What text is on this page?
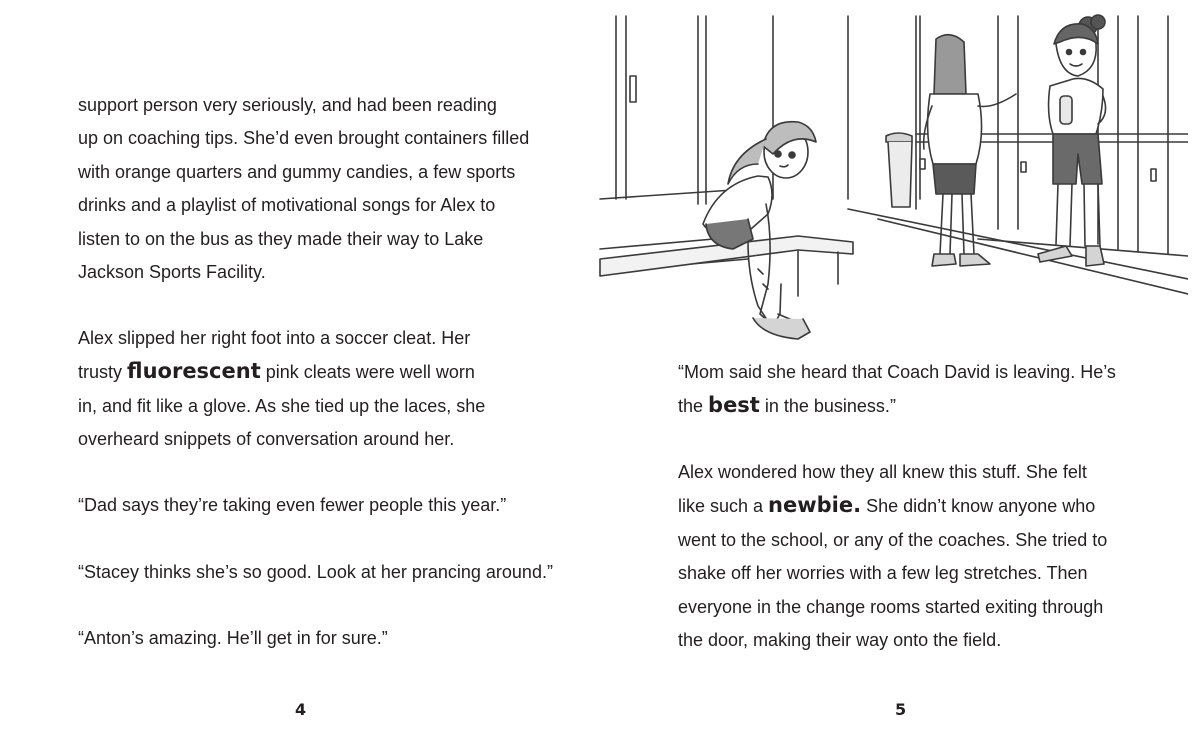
support person very seriously, and had been reading
up on coaching tips. She’d even brought containers filled
with orange quarters and gummy candies, a few sports
drinks and a playlist of motivational songs for Alex to
listen to on the bus as they made their way to Lake
Jackson Sports Facility.
Alex slipped her right foot into a soccer cleat. Her
trusty fluorescent pink cleats were well worn
in, and fit like a glove. As she tied up the laces, she
overheard snippets of conversation around her.
“Dad says they’re taking even fewer people this year.”
“Stacey thinks she’s so good. Look at her prancing around.”
“Anton’s amazing. He’ll get in for sure.”
4
“Mom said she heard that Coach David is leaving. He’s
the best in the business.”
Alex wondered how they all knew this stuff. She felt
like such a newbie. She didn’t know anyone who
went to the school, or any of the coaches. She tried to
shake off her worries with a few leg stretches. Then
everyone in the change rooms started exiting through
the door, making their way onto the field.
5
